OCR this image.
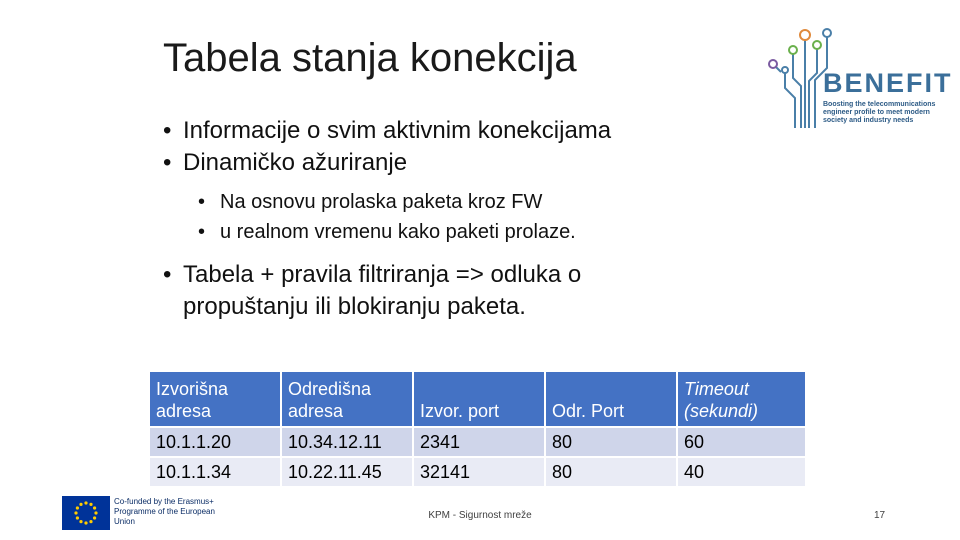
Tabela stanja konekcija
• Informacije o svim aktivnim konekcijama
• Dinamičko ažuriranje
• Na osnovu prolaska paketa kroz FW
• u realnom vremenu kako paketi prolaze.
• Tabela + pravila filtriranja => odluka o propuštanju ili blokiranju paketa.
BENEFIT
Boosting the telecommunications engineer profile to meet modern society and industry needs
Izvorišna adresa	Odredišna adresa	Izvor. port	Odr. Port	Timeout (sekundi)
10.1.1.20	10.34.12.11	2341	80	60
10.1.1.34	10.22.11.45	32141	80	40
Co-funded by the Erasmus+ Programme of the European Union
KPM - Sigurnost mreže	17
